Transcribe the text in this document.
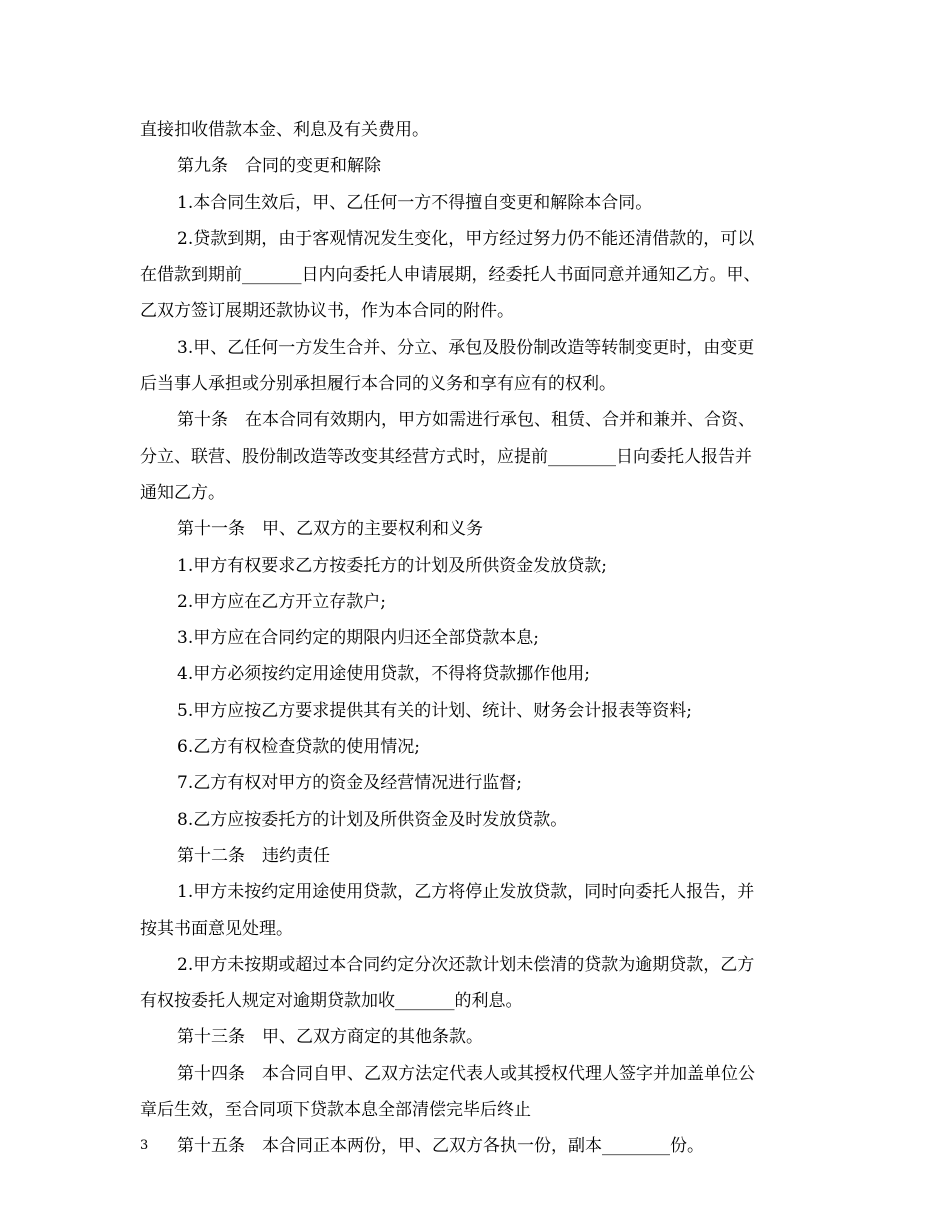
直接扣收借款本金、利息及有关费用。
第九条　合同的变更和解除
1.本合同生效后，甲、乙任何一方不得擅自变更和解除本合同。
2.贷款到期，由于客观情况发生变化，甲方经过努力仍不能还清借款的，可以
在借款到期前_______日内向委托人申请展期，经委托人书面同意并通知乙方。甲、
乙双方签订展期还款协议书，作为本合同的附件。
3.甲、乙任何一方发生合并、分立、承包及股份制改造等转制变更时，由变更
后当事人承担或分别承担履行本合同的义务和享有应有的权利。
第十条　在本合同有效期内，甲方如需进行承包、租赁、合并和兼并、合资、
分立、联营、股份制改造等改变其经营方式时，应提前________日向委托人报告并
通知乙方。
第十一条　甲、乙双方的主要权利和义务
1.甲方有权要求乙方按委托方的计划及所供资金发放贷款;
2.甲方应在乙方开立存款户;
3.甲方应在合同约定的期限内归还全部贷款本息;
4.甲方必须按约定用途使用贷款，不得将贷款挪作他用;
5.甲方应按乙方要求提供其有关的计划、统计、财务会计报表等资料;
6.乙方有权检查贷款的使用情况;
7.乙方有权对甲方的资金及经营情况进行监督;
8.乙方应按委托方的计划及所供资金及时发放贷款。
第十二条　违约责任
1.甲方未按约定用途使用贷款，乙方将停止发放贷款，同时向委托人报告，并
按其书面意见处理。
2.甲方未按期或超过本合同约定分次还款计划未偿清的贷款为逾期贷款，乙方
有权按委托人规定对逾期贷款加收_______的利息。
第十三条　甲、乙双方商定的其他条款。
第十四条　本合同自甲、乙双方法定代表人或其授权代理人签字并加盖单位公
章后生效，至合同项下贷款本息全部清偿完毕后终止
第十五条　本合同正本两份，甲、乙双方各执一份，副本________份。
3
